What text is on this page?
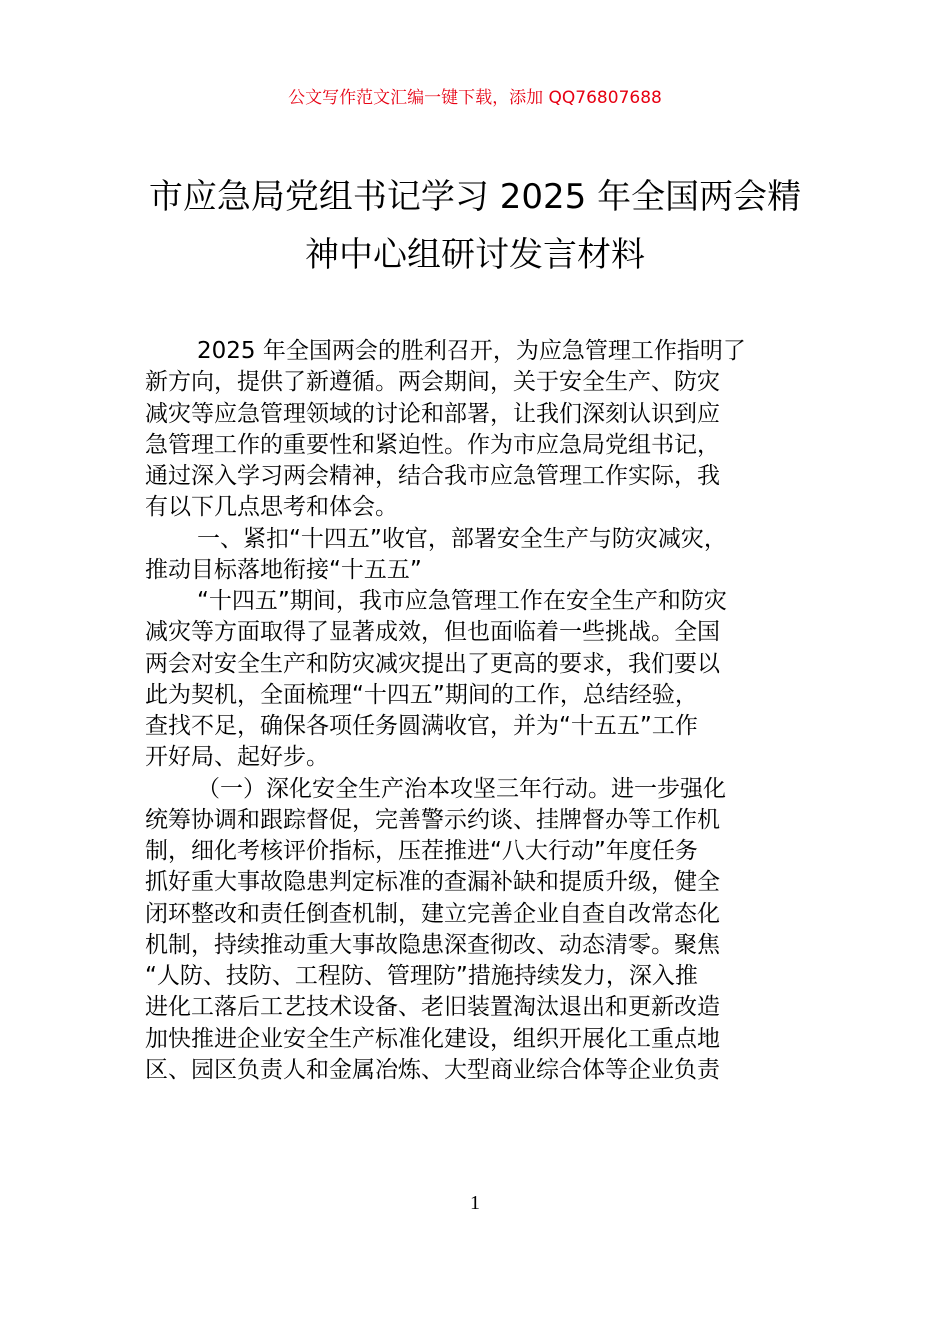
公文写作范文汇编一键下载，添加 QQ76807688
市应急局党组书记学习 2025 年全国两会精
神中心组研讨发言材料
2025 年全国两会的胜利召开，为应急管理工作指明了
新方向，提供了新遵循。两会期间，关于安全生产、防灾
减灾等应急管理领域的讨论和部署，让我们深刻认识到应
急管理工作的重要性和紧迫性。作为市应急局党组书记，
通过深入学习两会精神，结合我市应急管理工作实际，我
有以下几点思考和体会。
一、紧扣“十四五”收官，部署安全生产与防灾减灾，
推动目标落地衔接“十五五”
“十四五”期间，我市应急管理工作在安全生产和防灾
减灾等方面取得了显著成效，但也面临着一些挑战。全国
两会对安全生产和防灾减灾提出了更高的要求，我们要以
此为契机，全面梳理“十四五”期间的工作，总结经验，
查找不足，确保各项任务圆满收官，并为“十五五”工作
开好局、起好步。
（一）深化安全生产治本攻坚三年行动。进一步强化
统筹协调和跟踪督促，完善警示约谈、挂牌督办等工作机
制，细化考核评价指标，压茬推进“八大行动”年度任务
抓好重大事故隐患判定标准的查漏补缺和提质升级，健全
闭环整改和责任倒查机制，建立完善企业自查自改常态化
机制，持续推动重大事故隐患深查彻改、动态清零。聚焦
“人防、技防、工程防、管理防”措施持续发力，深入推
进化工落后工艺技术设备、老旧装置淘汰退出和更新改造
加快推进企业安全生产标准化建设，组织开展化工重点地
区、园区负责人和金属冶炼、大型商业综合体等企业负责
1
